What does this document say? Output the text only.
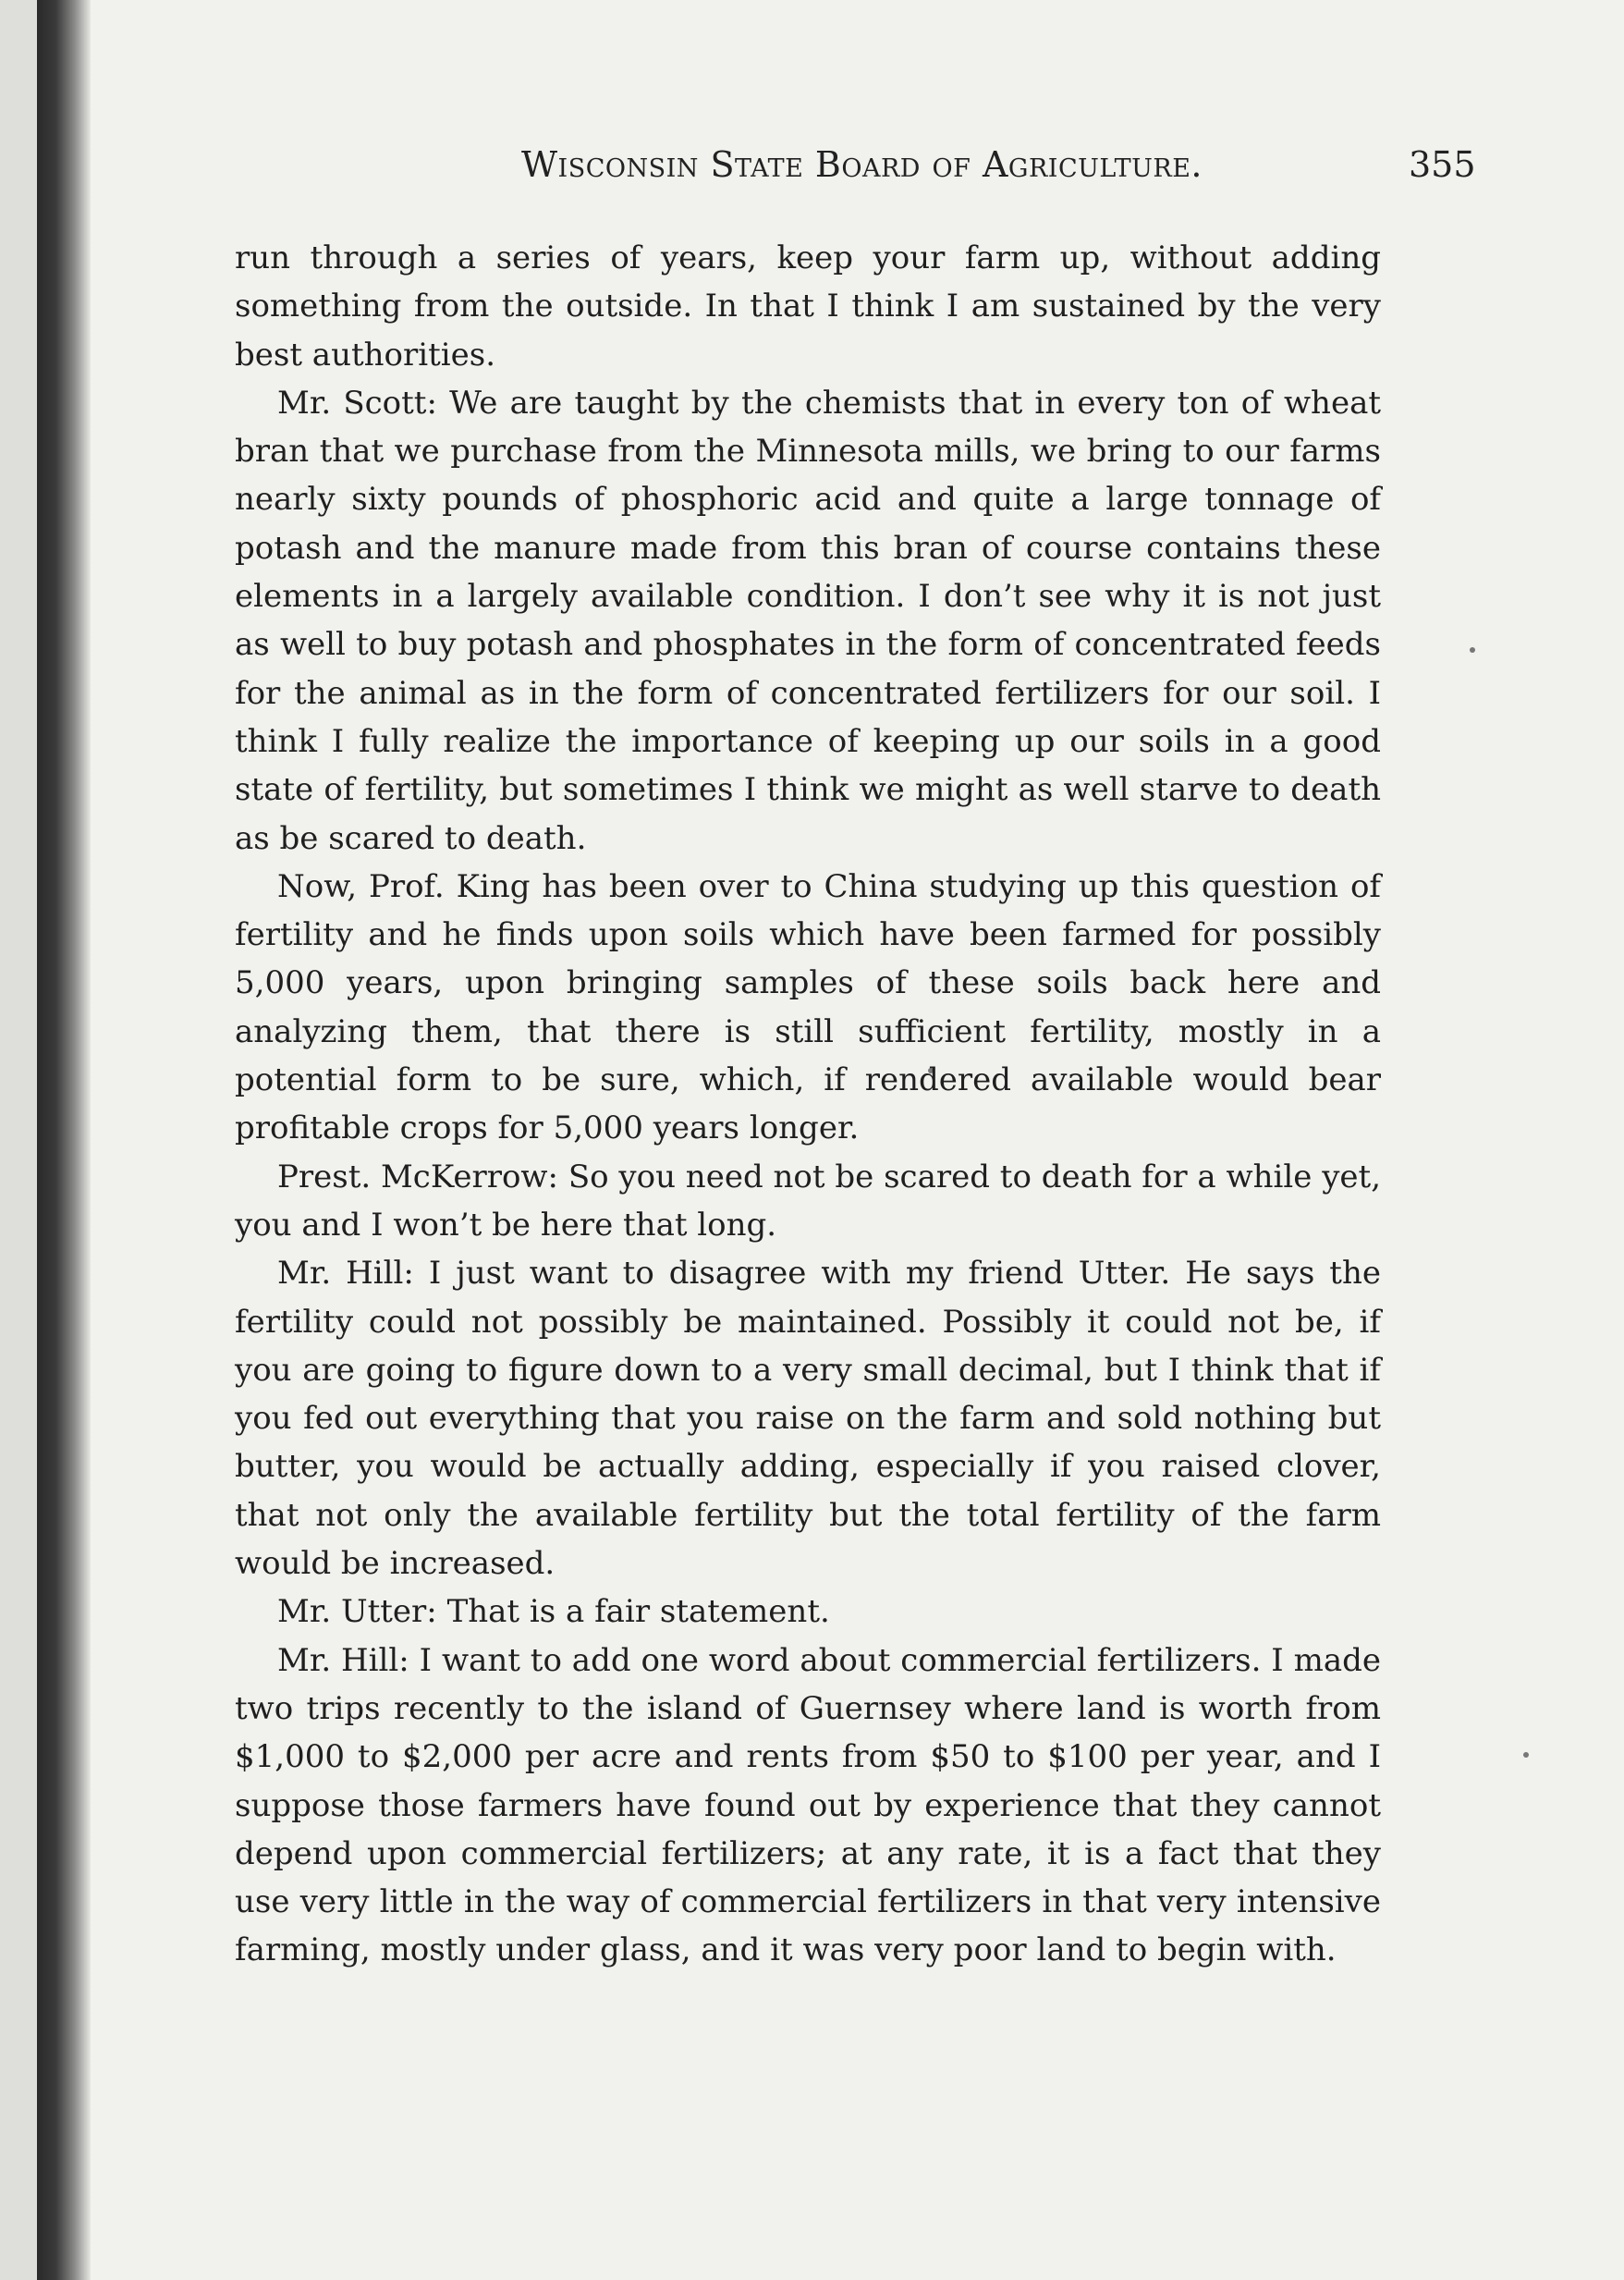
Wisconsin State Board of Agriculture.	355

run through a series of years, keep your farm up, without adding something from the outside. In that I think I am sustained by the very best authorities.

Mr. Scott: We are taught by the chemists that in every ton of wheat bran that we purchase from the Minnesota mills, we bring to our farms nearly sixty pounds of phosphoric acid and quite a large tonnage of potash and the manure made from this bran of course contains these elements in a largely available condition. I don’t see why it is not just as well to buy potash and phosphates in the form of concentrated feeds for the animal as in the form of concentrated fertilizers for our soil. I think I fully realize the importance of keeping up our soils in a good state of fertility, but sometimes I think we might as well starve to death as be scared to death.

Now, Prof. King has been over to China studying up this question of fertility and he finds upon soils which have been farmed for possibly 5,000 years, upon bringing samples of these soils back here and analyzing them, that there is still sufficient fertility, mostly in a potential form to be sure, which, if rendered available would bear profitable crops for 5,000 years longer.

Prest. McKerrow: So you need not be scared to death for a while yet, you and I won’t be here that long.

Mr. Hill: I just want to disagree with my friend Utter. He says the fertility could not possibly be maintained. Possibly it could not be, if you are going to figure down to a very small decimal, but I think that if you fed out everything that you raise on the farm and sold nothing but butter, you would be actually adding, especially if you raised clover, that not only the available fertility but the total fertility of the farm would be increased.

Mr. Utter: That is a fair statement.

Mr. Hill: I want to add one word about commercial fertilizers. I made two trips recently to the island of Guernsey where land is worth from $1,000 to $2,000 per acre and rents from $50 to $100 per year, and I suppose those farmers have found out by experience that they cannot depend upon commercial fertilizers; at any rate, it is a fact that they use very little in the way of commercial fertilizers in that very intensive farming, mostly under glass, and it was very poor land to begin with.
